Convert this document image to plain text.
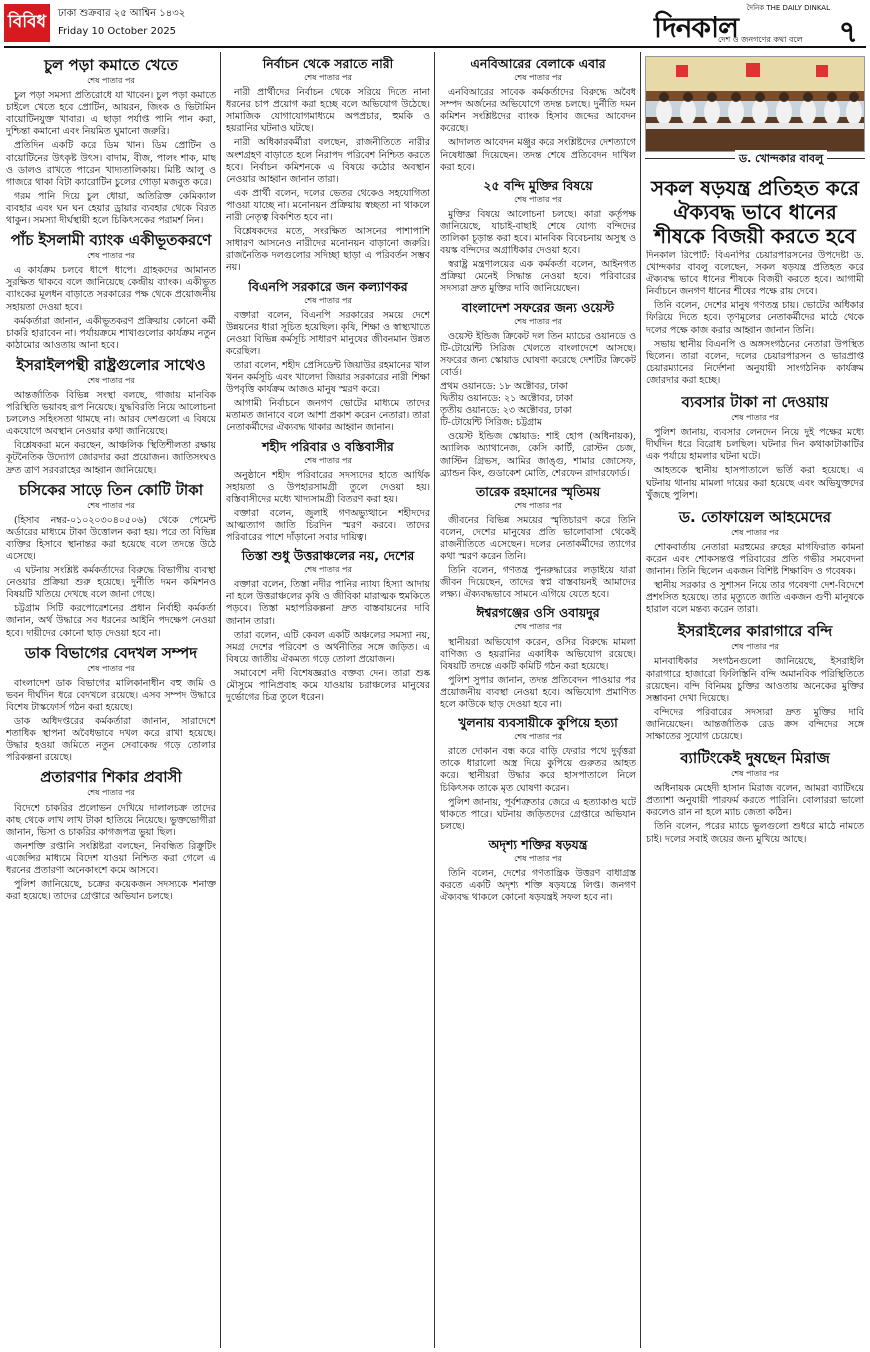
বিবিধ	ঢাকা শুক্রবার ২৫ আশ্বিন ১৪৩২
Friday 10 October 2025
দৈনিক THE DAILY DINKAL
দিনকাল
দেশ ও জনগণের কথা বলে ৭
চুল পড়া কমাতে খেতে
শেষ পাতার পর

চুল পড়া সমস্যা প্রতিরোধে যা খাবেন। চুল পড়া কমাতে চাইলে খেতে হবে প্রোটিন, আয়রন, জিংক ও ভিটামিন বায়োটিনযুক্ত খাবার। এ ছাড়া পর্যাপ্ত পানি পান করা, দুশ্চিন্তা কমানো এবং নিয়মিত ঘুমানো জরুরি।

প্রতিদিন একটি করে ডিম খান। ডিম প্রোটিন ও বায়োটিনের উৎকৃষ্ট উৎস। বাদাম, বীজ, পালং শাক, মাছ ও ডালও রাখতে পারেন খাদ্যতালিকায়। মিষ্টি আলু ও গাজরে থাকা বিটা ক্যারোটিন চুলের গোড়া মজবুত করে।

গরম পানি দিয়ে চুল ধোয়া, অতিরিক্ত কেমিক্যাল ব্যবহার এবং ঘন ঘন হেয়ার ড্রায়ার ব্যবহার থেকে বিরত থাকুন। সমস্যা দীর্ঘস্থায়ী হলে চিকিৎসকের পরামর্শ নিন।

পাঁচ ইসলামী ব্যাংক একীভূতকরণে
শেষ পাতার পর

এ কার্যক্রম চলবে ধাপে ধাপে। গ্রাহকদের আমানত সুরক্ষিত থাকবে বলে জানিয়েছে কেন্দ্রীয় ব্যাংক। একীভূত ব্যাংকের মূলধন বাড়াতে সরকারের পক্ষ থেকে প্রয়োজনীয় সহায়তা দেওয়া হবে।

কর্মকর্তারা জানান, একীভূতকরণ প্রক্রিয়ায় কোনো কর্মী চাকরি হারাবেন না। পর্যায়ক্রমে শাখাগুলোর কার্যক্রম নতুন কাঠামোর আওতায় আনা হবে।

ইসরাইলপন্থী রাষ্ট্রগুলোর সাথেও
শেষ পাতার পর

আন্তর্জাতিক বিভিন্ন সংস্থা বলছে, গাজায় মানবিক পরিস্থিতি ভয়াবহ রূপ নিয়েছে। যুদ্ধবিরতি নিয়ে আলোচনা চললেও সহিংসতা থামছে না। আরব দেশগুলো এ বিষয়ে একযোগে অবস্থান নেওয়ার কথা জানিয়েছে।

বিশ্লেষকরা মনে করছেন, আঞ্চলিক স্থিতিশীলতা রক্ষায় কূটনৈতিক উদ্যোগ জোরদার করা প্রয়োজন। জাতিসংঘও দ্রুত ত্রাণ সরবরাহের আহ্বান জানিয়েছে।

চসিকের সাড়ে তিন কোটি টাকা
শেষ পাতার পর

(হিসাব নম্বর-০১০২০৩০৪০৫০৬) থেকে পেমেন্ট অর্ডারের মাধ্যমে টাকা উত্তোলন করা হয়। পরে তা বিভিন্ন ব্যক্তির হিসাবে স্থানান্তর করা হয়েছে বলে তদন্তে উঠে এসেছে।

এ ঘটনায় সংশ্লিষ্ট কর্মকর্তাদের বিরুদ্ধে বিভাগীয় ব্যবস্থা নেওয়ার প্রক্রিয়া শুরু হয়েছে। দুর্নীতি দমন কমিশনও বিষয়টি খতিয়ে দেখছে বলে জানা গেছে।

চট্টগ্রাম সিটি করপোরেশনের প্রধান নির্বাহী কর্মকর্তা জানান, অর্থ উদ্ধারে সব ধরনের আইনি পদক্ষেপ নেওয়া হবে। দায়ীদের কোনো ছাড় দেওয়া হবে না।

ডাক বিভাগের বেদখল সম্পদ
শেষ পাতার পর

বাংলাদেশ ডাক বিভাগের মালিকানাধীন বহু জমি ও ভবন দীর্ঘদিন ধরে বেদখলে রয়েছে। এসব সম্পদ উদ্ধারে বিশেষ টাস্কফোর্স গঠন করা হয়েছে।

ডাক অধিদপ্তরের কর্মকর্তারা জানান, সারাদেশে শতাধিক স্থাপনা অবৈধভাবে দখল করে রাখা হয়েছে। উদ্ধার হওয়া জমিতে নতুন সেবাকেন্দ্র গড়ে তোলার পরিকল্পনা রয়েছে।

প্রতারণার শিকার প্রবাসী
শেষ পাতার পর

বিদেশে চাকরির প্রলোভন দেখিয়ে দালালচক্র তাদের কাছ থেকে লাখ লাখ টাকা হাতিয়ে নিয়েছে। ভুক্তভোগীরা জানান, ভিসা ও চাকরির কাগজপত্র ভুয়া ছিল।

জনশক্তি রপ্তানি সংশ্লিষ্টরা বলছেন, নিবন্ধিত রিক্রুটিং এজেন্সির মাধ্যমে বিদেশ যাওয়া নিশ্চিত করা গেলে এ ধরনের প্রতারণা অনেকাংশে কমে আসবে।

পুলিশ জানিয়েছে, চক্রের কয়েকজন সদস্যকে শনাক্ত করা হয়েছে। তাদের গ্রেপ্তারে অভিযান চলছে।

নির্বাচন থেকে সরাতে নারী
শেষ পাতার পর

নারী প্রার্থীদের নির্বাচন থেকে সরিয়ে দিতে নানা ধরনের চাপ প্রয়োগ করা হচ্ছে বলে অভিযোগ উঠেছে। সামাজিক যোগাযোগমাধ্যমে অপপ্রচার, হুমকি ও হয়রানির ঘটনাও ঘটছে।

নারী অধিকারকর্মীরা বলছেন, রাজনীতিতে নারীর অংশগ্রহণ বাড়াতে হলে নিরাপদ পরিবেশ নিশ্চিত করতে হবে। নির্বাচন কমিশনকে এ বিষয়ে কঠোর অবস্থান নেওয়ার আহ্বান জানান তারা।

এক প্রার্থী বলেন, দলের ভেতর থেকেও সহযোগিতা পাওয়া যাচ্ছে না। মনোনয়ন প্রক্রিয়ায় স্বচ্ছতা না থাকলে নারী নেতৃত্ব বিকশিত হবে না।

বিশ্লেষকদের মতে, সংরক্ষিত আসনের পাশাপাশি সাধারণ আসনেও নারীদের মনোনয়ন বাড়ানো জরুরি। রাজনৈতিক দলগুলোর সদিচ্ছা ছাড়া এ পরিবর্তন সম্ভব নয়।

বিএনপি সরকারে জন কল্যাণকর
শেষ পাতার পর

বক্তারা বলেন, বিএনপি সরকারের সময়ে দেশে উন্নয়নের ধারা সূচিত হয়েছিল। কৃষি, শিক্ষা ও স্বাস্থ্যখাতে নেওয়া বিভিন্ন কর্মসূচি সাধারণ মানুষের জীবনমান উন্নত করেছিল।

তারা বলেন, শহীদ প্রেসিডেন্ট জিয়াউর রহমানের খাল খনন কর্মসূচি এবং খালেদা জিয়ার সরকারের নারী শিক্ষা উপবৃত্তি কার্যক্রম আজও মানুষ স্মরণ করে।

আগামী নির্বাচনে জনগণ ভোটের মাধ্যমে তাদের মতামত জানাবে বলে আশা প্রকাশ করেন নেতারা। তারা নেতাকর্মীদের ঐক্যবদ্ধ থাকার আহ্বান জানান।

শহীদ পরিবার ও বস্তিবাসীর
শেষ পাতার পর

অনুষ্ঠানে শহীদ পরিবারের সদস্যদের হাতে আর্থিক সহায়তা ও উপহারসামগ্রী তুলে দেওয়া হয়। বস্তিবাসীদের মধ্যে খাদ্যসামগ্রী বিতরণ করা হয়।

বক্তারা বলেন, জুলাই গণঅভ্যুত্থানে শহীদদের আত্মত্যাগ জাতি চিরদিন স্মরণ করবে। তাদের পরিবারের পাশে দাঁড়ানো সবার দায়িত্ব।

তিস্তা শুধু উত্তরাঞ্চলের নয়, দেশের
শেষ পাতার পর

বক্তারা বলেন, তিস্তা নদীর পানির ন্যায্য হিস্যা আদায় না হলে উত্তরাঞ্চলের কৃষি ও জীবিকা মারাত্মক হুমকিতে পড়বে। তিস্তা মহাপরিকল্পনা দ্রুত বাস্তবায়নের দাবি জানান তারা।

তারা বলেন, এটি কেবল একটি অঞ্চলের সমস্যা নয়, সমগ্র দেশের পরিবেশ ও অর্থনীতির সঙ্গে জড়িত। এ বিষয়ে জাতীয় ঐকমত্য গড়ে তোলা প্রয়োজন।

সমাবেশে নদী বিশেষজ্ঞরাও বক্তব্য দেন। তারা শুষ্ক মৌসুমে পানিপ্রবাহ কমে যাওয়ায় চরাঞ্চলের মানুষের দুর্ভোগের চিত্র তুলে ধরেন।

এনবিআরের বেলাকে এবার
শেষ পাতার পর

এনবিআরের সাবেক কর্মকর্তাদের বিরুদ্ধে অবৈধ সম্পদ অর্জনের অভিযোগে তদন্ত চলছে। দুর্নীতি দমন কমিশন সংশ্লিষ্টদের ব্যাংক হিসাব জব্দের আবেদন করেছে।

আদালত আবেদন মঞ্জুর করে সংশ্লিষ্টদের দেশত্যাগে নিষেধাজ্ঞা দিয়েছেন। তদন্ত শেষে প্রতিবেদন দাখিল করা হবে।

২৫ বন্দি মুক্তির বিষয়ে
শেষ পাতার পর

মুক্তির বিষয়ে আলোচনা চলছে। কারা কর্তৃপক্ষ জানিয়েছে, যাচাই-বাছাই শেষে যোগ্য বন্দিদের তালিকা চূড়ান্ত করা হবে। মানবিক বিবেচনায় অসুস্থ ও বয়স্ক বন্দিদের অগ্রাধিকার দেওয়া হবে।

স্বরাষ্ট্র মন্ত্রণালয়ের এক কর্মকর্তা বলেন, আইনগত প্রক্রিয়া মেনেই সিদ্ধান্ত নেওয়া হবে। পরিবারের সদস্যরা দ্রুত মুক্তির দাবি জানিয়েছেন।

বাংলাদেশ সফরের জন্য ওয়েস্ট
শেষ পাতার পর

ওয়েস্ট ইন্ডিজ ক্রিকেট দল তিন ম্যাচের ওয়ানডে ও টি-টোয়েন্টি সিরিজ খেলতে বাংলাদেশে আসছে। সফরের জন্য স্কোয়াড ঘোষণা করেছে দেশটির ক্রিকেট বোর্ড।

প্রথম ওয়ানডে: ১৮ অক্টোবর, ঢাকা
দ্বিতীয় ওয়ানডে: ২১ অক্টোবর, ঢাকা
তৃতীয় ওয়ানডে: ২৩ অক্টোবর, ঢাকা
টি-টোয়েন্টি সিরিজ: চট্টগ্রাম

ওয়েস্ট ইন্ডিজ স্কোয়াড: শাই হোপ (অধিনায়ক), অ্যালিক অ্যাথানেজ, কেসি কার্টি, রোস্টন চেজ, জাস্টিন গ্রিভস, আমির জাঙ্গু, শামার জোসেফ, ব্র্যান্ডন কিং, গুডাকেশ মোতি, শেরফেন রাদারফোর্ড।

তারেক রহমানের স্মৃতিময়
শেষ পাতার পর

জীবনের বিভিন্ন সময়ের স্মৃতিচারণ করে তিনি বলেন, দেশের মানুষের প্রতি ভালোবাসা থেকেই রাজনীতিতে এসেছেন। দলের নেতাকর্মীদের ত্যাগের কথা স্মরণ করেন তিনি।

তিনি বলেন, গণতন্ত্র পুনরুদ্ধারের লড়াইয়ে যারা জীবন দিয়েছেন, তাদের স্বপ্ন বাস্তবায়নই আমাদের লক্ষ্য। ঐক্যবদ্ধভাবে সামনে এগিয়ে যেতে হবে।

ঈশ্বরগঞ্জের ওসি ওবায়দুর
শেষ পাতার পর

স্থানীয়রা অভিযোগ করেন, ওসির বিরুদ্ধে মামলা বাণিজ্য ও হয়রানির একাধিক অভিযোগ রয়েছে। বিষয়টি তদন্তে একটি কমিটি গঠন করা হয়েছে।

পুলিশ সুপার জানান, তদন্ত প্রতিবেদন পাওয়ার পর প্রয়োজনীয় ব্যবস্থা নেওয়া হবে। অভিযোগ প্রমাণিত হলে কাউকে ছাড় দেওয়া হবে না।

খুলনায় ব্যবসায়ীকে কুপিয়ে হত্যা
শেষ পাতার পর

রাতে দোকান বন্ধ করে বাড়ি ফেরার পথে দুর্বৃত্তরা তাকে ধারালো অস্ত্র দিয়ে কুপিয়ে গুরুতর আহত করে। স্থানীয়রা উদ্ধার করে হাসপাতালে নিলে চিকিৎসক তাকে মৃত ঘোষণা করেন।

পুলিশ জানায়, পূর্বশত্রুতার জেরে এ হত্যাকাণ্ড ঘটে থাকতে পারে। ঘটনায় জড়িতদের গ্রেপ্তারে অভিযান চলছে।

অদৃশ্য শক্তির ষড়যন্ত্র
শেষ পাতার পর

তিনি বলেন, দেশের গণতান্ত্রিক উত্তরণ বাধাগ্রস্ত করতে একটি অদৃশ্য শক্তি ষড়যন্ত্রে লিপ্ত। জনগণ ঐক্যবদ্ধ থাকলে কোনো ষড়যন্ত্রই সফল হবে না।

ড. খোন্দকার বাবলু
সকল ষড়যন্ত্র প্রতিহত করে ঐক্যবদ্ধ ভাবে ধানের শীষকে বিজয়ী করতে হবে

দিনকাল রিপোর্ট: বিএনপির চেয়ারপারসনের উপদেষ্টা ড. খোন্দকার বাবলু বলেছেন, সকল ষড়যন্ত্র প্রতিহত করে ঐক্যবদ্ধ ভাবে ধানের শীষকে বিজয়ী করতে হবে। আগামী নির্বাচনে জনগণ ধানের শীষের পক্ষে রায় দেবে।

তিনি বলেন, দেশের মানুষ গণতন্ত্র চায়। ভোটের অধিকার ফিরিয়ে দিতে হবে। তৃণমূলের নেতাকর্মীদের মাঠে থেকে দলের পক্ষে কাজ করার আহ্বান জানান তিনি।

সভায় স্থানীয় বিএনপি ও অঙ্গসংগঠনের নেতারা উপস্থিত ছিলেন। তারা বলেন, দলের চেয়ারপারসন ও ভারপ্রাপ্ত চেয়ারম্যানের নির্দেশনা অনুযায়ী সাংগঠনিক কার্যক্রম জোরদার করা হচ্ছে।

ব্যবসার টাকা না দেওয়ায়
শেষ পাতার পর

পুলিশ জানায়, ব্যবসার লেনদেন নিয়ে দুই পক্ষের মধ্যে দীর্ঘদিন ধরে বিরোধ চলছিল। ঘটনার দিন কথাকাটাকাটির এক পর্যায়ে হামলার ঘটনা ঘটে।

আহতকে স্থানীয় হাসপাতালে ভর্তি করা হয়েছে। এ ঘটনায় থানায় মামলা দায়ের করা হয়েছে এবং অভিযুক্তদের খুঁজছে পুলিশ।

ড. তোফায়েল আহমেদের
শেষ পাতার পর

শোকবার্তায় নেতারা মরহুমের রুহের মাগফিরাত কামনা করেন এবং শোকসন্তপ্ত পরিবারের প্রতি গভীর সমবেদনা জানান। তিনি ছিলেন একজন বিশিষ্ট শিক্ষাবিদ ও গবেষক।

স্থানীয় সরকার ও সুশাসন নিয়ে তার গবেষণা দেশ-বিদেশে প্রশংসিত হয়েছে। তার মৃত্যুতে জাতি একজন গুণী মানুষকে হারাল বলে মন্তব্য করেন তারা।

ইসরাইলের কারাগারে বন্দি
শেষ পাতার পর

মানবাধিকার সংগঠনগুলো জানিয়েছে, ইসরাইলি কারাগারে হাজারো ফিলিস্তিনি বন্দি অমানবিক পরিস্থিতিতে রয়েছেন। বন্দি বিনিময় চুক্তির আওতায় অনেকের মুক্তির সম্ভাবনা দেখা দিয়েছে।

বন্দিদের পরিবারের সদস্যরা দ্রুত মুক্তির দাবি জানিয়েছেন। আন্তর্জাতিক রেড ক্রস বন্দিদের সঙ্গে সাক্ষাতের সুযোগ চেয়েছে।

ব্যাটিংকেই দুষছেন মিরাজ
শেষ পাতার পর

অধিনায়ক মেহেদী হাসান মিরাজ বলেন, আমরা ব্যাটিংয়ে প্রত্যাশা অনুযায়ী পারফর্ম করতে পারিনি। বোলাররা ভালো করলেও রান না হলে ম্যাচ জেতা কঠিন।

তিনি বলেন, পরের ম্যাচে ভুলগুলো শুধরে মাঠে নামতে চাই। দলের সবাই জয়ের জন্য মুখিয়ে আছে।
